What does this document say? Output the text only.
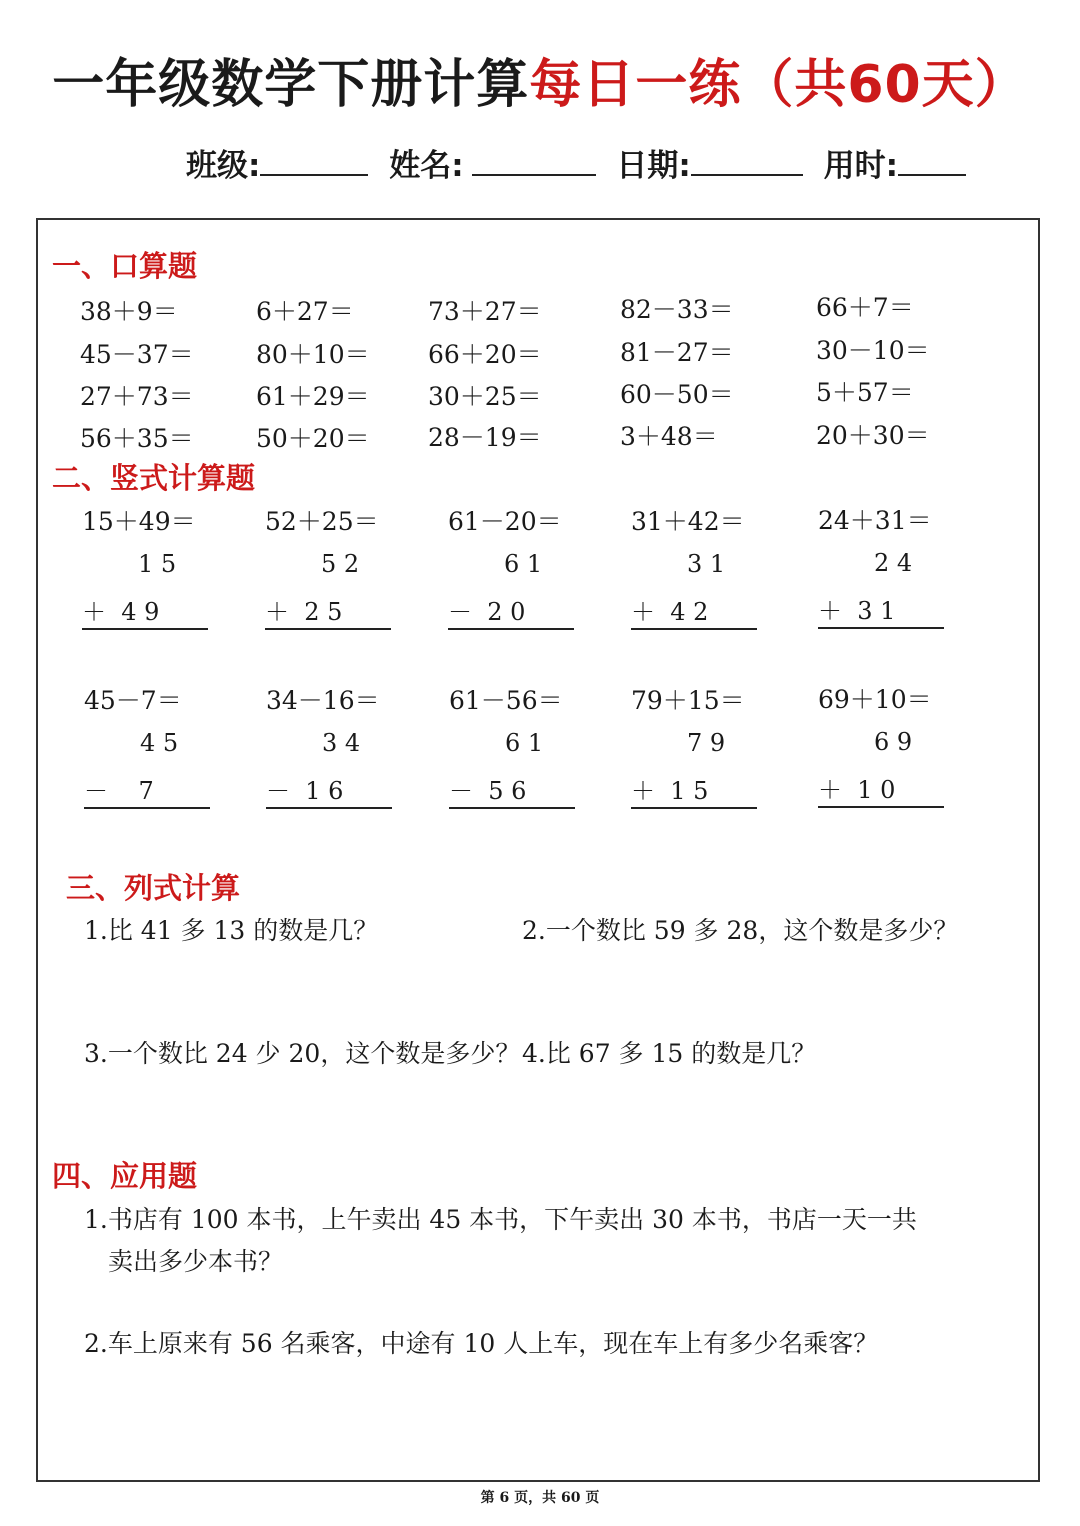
一年级数学下册计算每日一练（共60天）
班级:	姓名:	日期:	用时:
一、口算题
38＋9＝	6＋27＝	73＋27＝	82－33＝	66＋7＝
45－37＝ 80＋10＝ 66＋20＝	81－27＝	30－10＝
27＋73＝ 61＋29＝ 30＋25＝	60－50＝	5＋57＝
56＋35＝ 50＋20＝ 28－19＝	3＋48＝	20＋30＝
二、竖式计算题
15＋49＝
1 5
＋  4 9
52＋25＝
5 2
＋  2 5
61－20＝
6 1
－  2 0
31＋42＝
3 1
＋  4 2
24＋31＝
2 4
＋  3 1
45－7＝
4 5
－    7
34－16＝
3 4
－  1 6
61－56＝
6 1
－  5 6
79＋15＝
7 9
＋  1 5
69＋10＝
6 9
＋  1 0
三、列式计算
1.比 41 多 13 的数是几？	2.一个数比 59 多 28，这个数是多少？
3.一个数比 24 少 20，这个数是多少？ 4.比 67 多 15 的数是几？
四、应用题
1.书店有 100 本书，上午卖出 45 本书，下午卖出 30 本书，书店一天一共
卖出多少本书？
2.车上原来有 56 名乘客，中途有 10 人上车，现在车上有多少名乘客？
第 6 页，共 60 页
